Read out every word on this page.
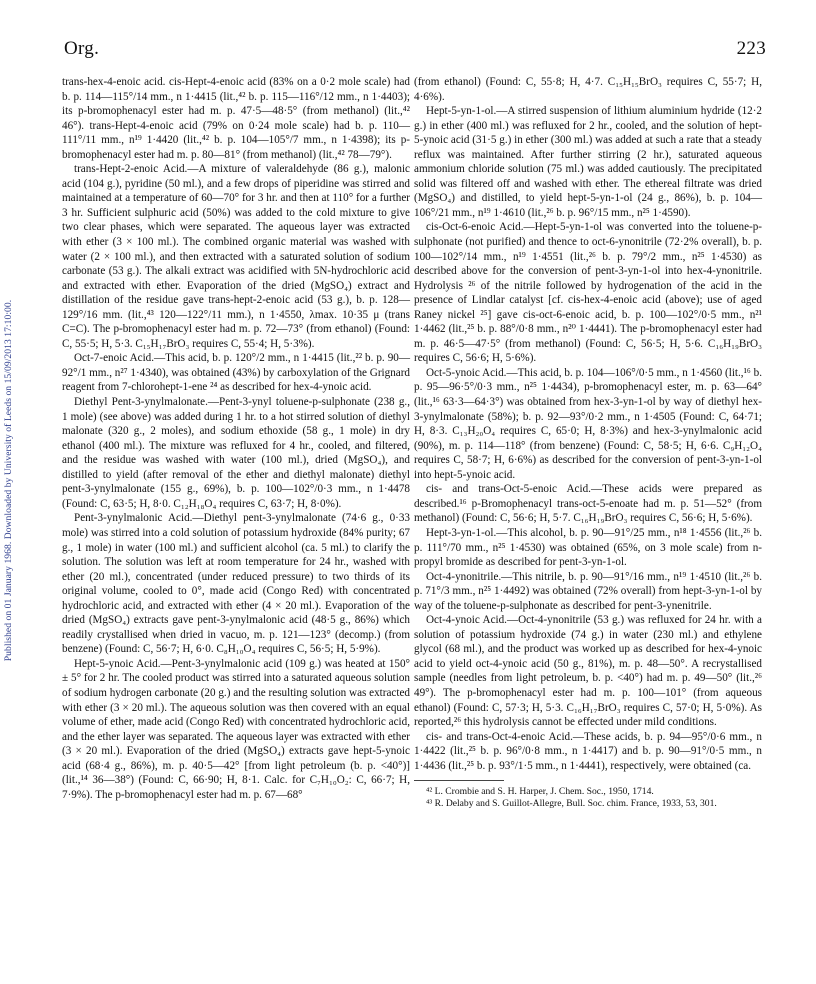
Published on 01 January 1968. Downloaded by University of Leeds on 15/09/2013 17:10:00.
Org.	223

trans-hex-4-enoic acid. cis-Hept-4-enoic acid (83% on a 0·2 mole scale) had b. p. 114—115°/14 mm., n 1·4415 (lit.,⁴² b. p. 115—116°/12 mm., n 1·4403); its p-bromophenacyl ester had m. p. 47·5—48·5° (from methanol) (lit.,⁴² 46°). trans-Hept-4-enoic acid (79% on 0·24 mole scale) had b. p. 110—111°/11 mm., n¹⁹ 1·4420 (lit.,⁴² b. p. 104—105°/7 mm., n 1·4398); its p-bromophenacyl ester had m. p. 80—81° (from methanol) (lit.,⁴² 78—79°).

trans-Hept-2-enoic Acid.—A mixture of valeraldehyde (86 g.), malonic acid (104 g.), pyridine (50 ml.), and a few drops of piperidine was stirred and maintained at a temperature of 60—70° for 3 hr. and then at 110° for a further 3 hr. Sufficient sulphuric acid (50%) was added to the cold mixture to give two clear phases, which were separated. The aqueous layer was extracted with ether (3 × 100 ml.). The combined organic material was washed with water (2 × 100 ml.), and then extracted with a saturated solution of sodium carbonate (53 g.). The alkali extract was acidified with 5N-hydrochloric acid and extracted with ether. Evaporation of the dried (MgSO₄) extract and distillation of the residue gave trans-hept-2-enoic acid (53 g.), b. p. 128—129°/16 mm. (lit.,⁴³ 120—122°/11 mm.), n 1·4550, λmax. 10·35 μ (trans C=C). The p-bromophenacyl ester had m. p. 72—73° (from ethanol) (Found: C, 55·5; H, 5·3. C₁₅H₁₇BrO₃ requires C, 55·4; H, 5·3%).

Oct-7-enoic Acid.—This acid, b. p. 120°/2 mm., n 1·4415 (lit.,²² b. p. 90—92°/1 mm., n²⁷ 1·4340), was obtained (43%) by carboxylation of the Grignard reagent from 7-chlorohept-1-ene ²⁴ as described for hex-4-ynoic acid.

Diethyl Pent-3-ynylmalonate.—Pent-3-ynyl toluene-p-sulphonate (238 g., 1 mole) (see above) was added during 1 hr. to a hot stirred solution of diethyl malonate (320 g., 2 moles), and sodium ethoxide (58 g., 1 mole) in dry ethanol (400 ml.). The mixture was refluxed for 4 hr., cooled, and filtered, and the residue was washed with water (100 ml.), dried (MgSO₄), and distilled to yield (after removal of the ether and diethyl malonate) diethyl pent-3-ynylmalonate (155 g., 69%), b. p. 100—102°/0·3 mm., n 1·4478 (Found: C, 63·5; H, 8·0. C₁₂H₁₈O₄ requires C, 63·7; H, 8·0%).

Pent-3-ynylmalonic Acid.—Diethyl pent-3-ynylmalonate (74·6 g., 0·33 mole) was stirred into a cold solution of potassium hydroxide (84% purity; 67 g., 1 mole) in water (100 ml.) and sufficient alcohol (ca. 5 ml.) to clarify the solution. The solution was left at room temperature for 24 hr., washed with ether (20 ml.), concentrated (under reduced pressure) to two thirds of its original volume, cooled to 0°, made acid (Congo Red) with concentrated hydrochloric acid, and extracted with ether (4 × 20 ml.). Evaporation of the dried (MgSO₄) extracts gave pent-3-ynylmalonic acid (48·5 g., 86%) which readily crystallised when dried in vacuo, m. p. 121—123° (decomp.) (from benzene) (Found: C, 56·7; H, 6·0. C₈H₁₀O₄ requires C, 56·5; H, 5·9%).

Hept-5-ynoic Acid.—Pent-3-ynylmalonic acid (109 g.) was heated at 150° ± 5° for 2 hr. The cooled product was stirred into a saturated aqueous solution of sodium hydrogen carbonate (20 g.) and the resulting solution was extracted with ether (3 × 20 ml.). The aqueous solution was then covered with an equal volume of ether, made acid (Congo Red) with concentrated hydrochloric acid, and the ether layer was separated. The aqueous layer was extracted with ether (3 × 20 ml.). Evaporation of the dried (MgSO₄) extracts gave hept-5-ynoic acid (68·4 g., 86%), m. p. 40·5—42° [from light petroleum (b. p. <40°)] (lit.,¹⁴ 36—38°) (Found: C, 66·90; H, 8·1. Calc. for C₇H₁₀O₂: C, 66·7; H, 7·9%). The p-bromophenacyl ester had m. p. 67—68°

(from ethanol) (Found: C, 55·8; H, 4·7. C₁₅H₁₅BrO₃ requires C, 55·7; H, 4·6%).

Hept-5-yn-1-ol.—A stirred suspension of lithium aluminium hydride (12·2 g.) in ether (400 ml.) was refluxed for 2 hr., cooled, and the solution of hept-5-ynoic acid (31·5 g.) in ether (300 ml.) was added at such a rate that a steady reflux was maintained. After further stirring (2 hr.), saturated aqueous ammonium chloride solution (75 ml.) was added cautiously. The precipitated solid was filtered off and washed with ether. The ethereal filtrate was dried (MgSO₄) and distilled, to yield hept-5-yn-1-ol (24 g., 86%), b. p. 104—106°/21 mm., n¹⁹ 1·4610 (lit.,²⁶ b. p. 96°/15 mm., n²⁵ 1·4590).

cis-Oct-6-enoic Acid.—Hept-5-yn-1-ol was converted into the toluene-p-sulphonate (not purified) and thence to oct-6-ynonitrile (72·2% overall), b. p. 100—102°/14 mm., n¹⁹ 1·4551 (lit.,²⁶ b. p. 79°/2 mm., n²⁵ 1·4530) as described above for the conversion of pent-3-yn-1-ol into hex-4-ynonitrile. Hydrolysis ²⁶ of the nitrile followed by hydrogenation of the acid in the presence of Lindlar catalyst [cf. cis-hex-4-enoic acid (above); use of aged Raney nickel ²⁵] gave cis-oct-6-enoic acid, b. p. 100—102°/0·5 mm., n²¹ 1·4462 (lit.,²⁵ b. p. 88°/0·8 mm., n²⁰ 1·4441). The p-bromophenacyl ester had m. p. 46·5—47·5° (from methanol) (Found: C, 56·5; H, 5·6. C₁₆H₁₉BrO₃ requires C, 56·6; H, 5·6%).

Oct-5-ynoic Acid.—This acid, b. p. 104—106°/0·5 mm., n 1·4560 (lit.,¹⁶ b. p. 95—96·5°/0·3 mm., n²⁵ 1·4434), p-bromophenacyl ester, m. p. 63—64° (lit.,¹⁶ 63·3—64·3°) was obtained from hex-3-yn-1-ol by way of diethyl hex-3-ynylmalonate (58%); b. p. 92—93°/0·2 mm., n 1·4505 (Found: C, 64·71; H, 8·3. C₁₃H₂₀O₄ requires C, 65·0; H, 8·3%) and hex-3-ynylmalonic acid (90%), m. p. 114—118° (from benzene) (Found: C, 58·5; H, 6·6. C₉H₁₂O₄ requires C, 58·7; H, 6·6%) as described for the conversion of pent-3-yn-1-ol into hept-5-ynoic acid.

cis- and trans-Oct-5-enoic Acid.—These acids were prepared as described.¹⁶ p-Bromophenacyl trans-oct-5-enoate had m. p. 51—52° (from methanol) (Found: C, 56·6; H, 5·7. C₁₆H₁₉BrO₃ requires C, 56·6; H, 5·6%).

Hept-3-yn-1-ol.—This alcohol, b. p. 90—91°/25 mm., n¹⁸ 1·4556 (lit.,²⁶ b. p. 111°/70 mm., n²⁵ 1·4530) was obtained (65%, on 3 mole scale) from n-propyl bromide as described for pent-3-yn-1-ol.

Oct-4-ynonitrile.—This nitrile, b. p. 90—91°/16 mm., n¹⁹ 1·4510 (lit.,²⁶ b. p. 71°/3 mm., n²⁵ 1·4492) was obtained (72% overall) from hept-3-yn-1-ol by way of the toluene-p-sulphonate as described for pent-3-ynenitrile.

Oct-4-ynoic Acid.—Oct-4-ynonitrile (53 g.) was refluxed for 24 hr. with a solution of potassium hydroxide (74 g.) in water (230 ml.) and ethylene glycol (68 ml.), and the product was worked up as described for hex-4-ynoic acid to yield oct-4-ynoic acid (50 g., 81%), m. p. 48—50°. A recrystallised sample (needles from light petroleum, b. p. <40°) had m. p. 49—50° (lit.,²⁶ 49°). The p-bromophenacyl ester had m. p. 100—101° (from aqueous ethanol) (Found: C, 57·3; H, 5·3. C₁₆H₁₇BrO₃ requires C, 57·0; H, 5·0%). As reported,²⁶ this hydrolysis cannot be effected under mild conditions.

cis- and trans-Oct-4-enoic Acid.—These acids, b. p. 94—95°/0·6 mm., n 1·4422 (lit.,²⁵ b. p. 96°/0·8 mm., n 1·4417) and b. p. 90—91°/0·5 mm., n 1·4436 (lit.,²⁵ b. p. 93°/1·5 mm., n 1·4441), respectively, were obtained (ca.

⁴² L. Crombie and S. H. Harper, J. Chem. Soc., 1950, 1714.

⁴³ R. Delaby and S. Guillot-Allegre, Bull. Soc. chim. France, 1933, 53, 301.
